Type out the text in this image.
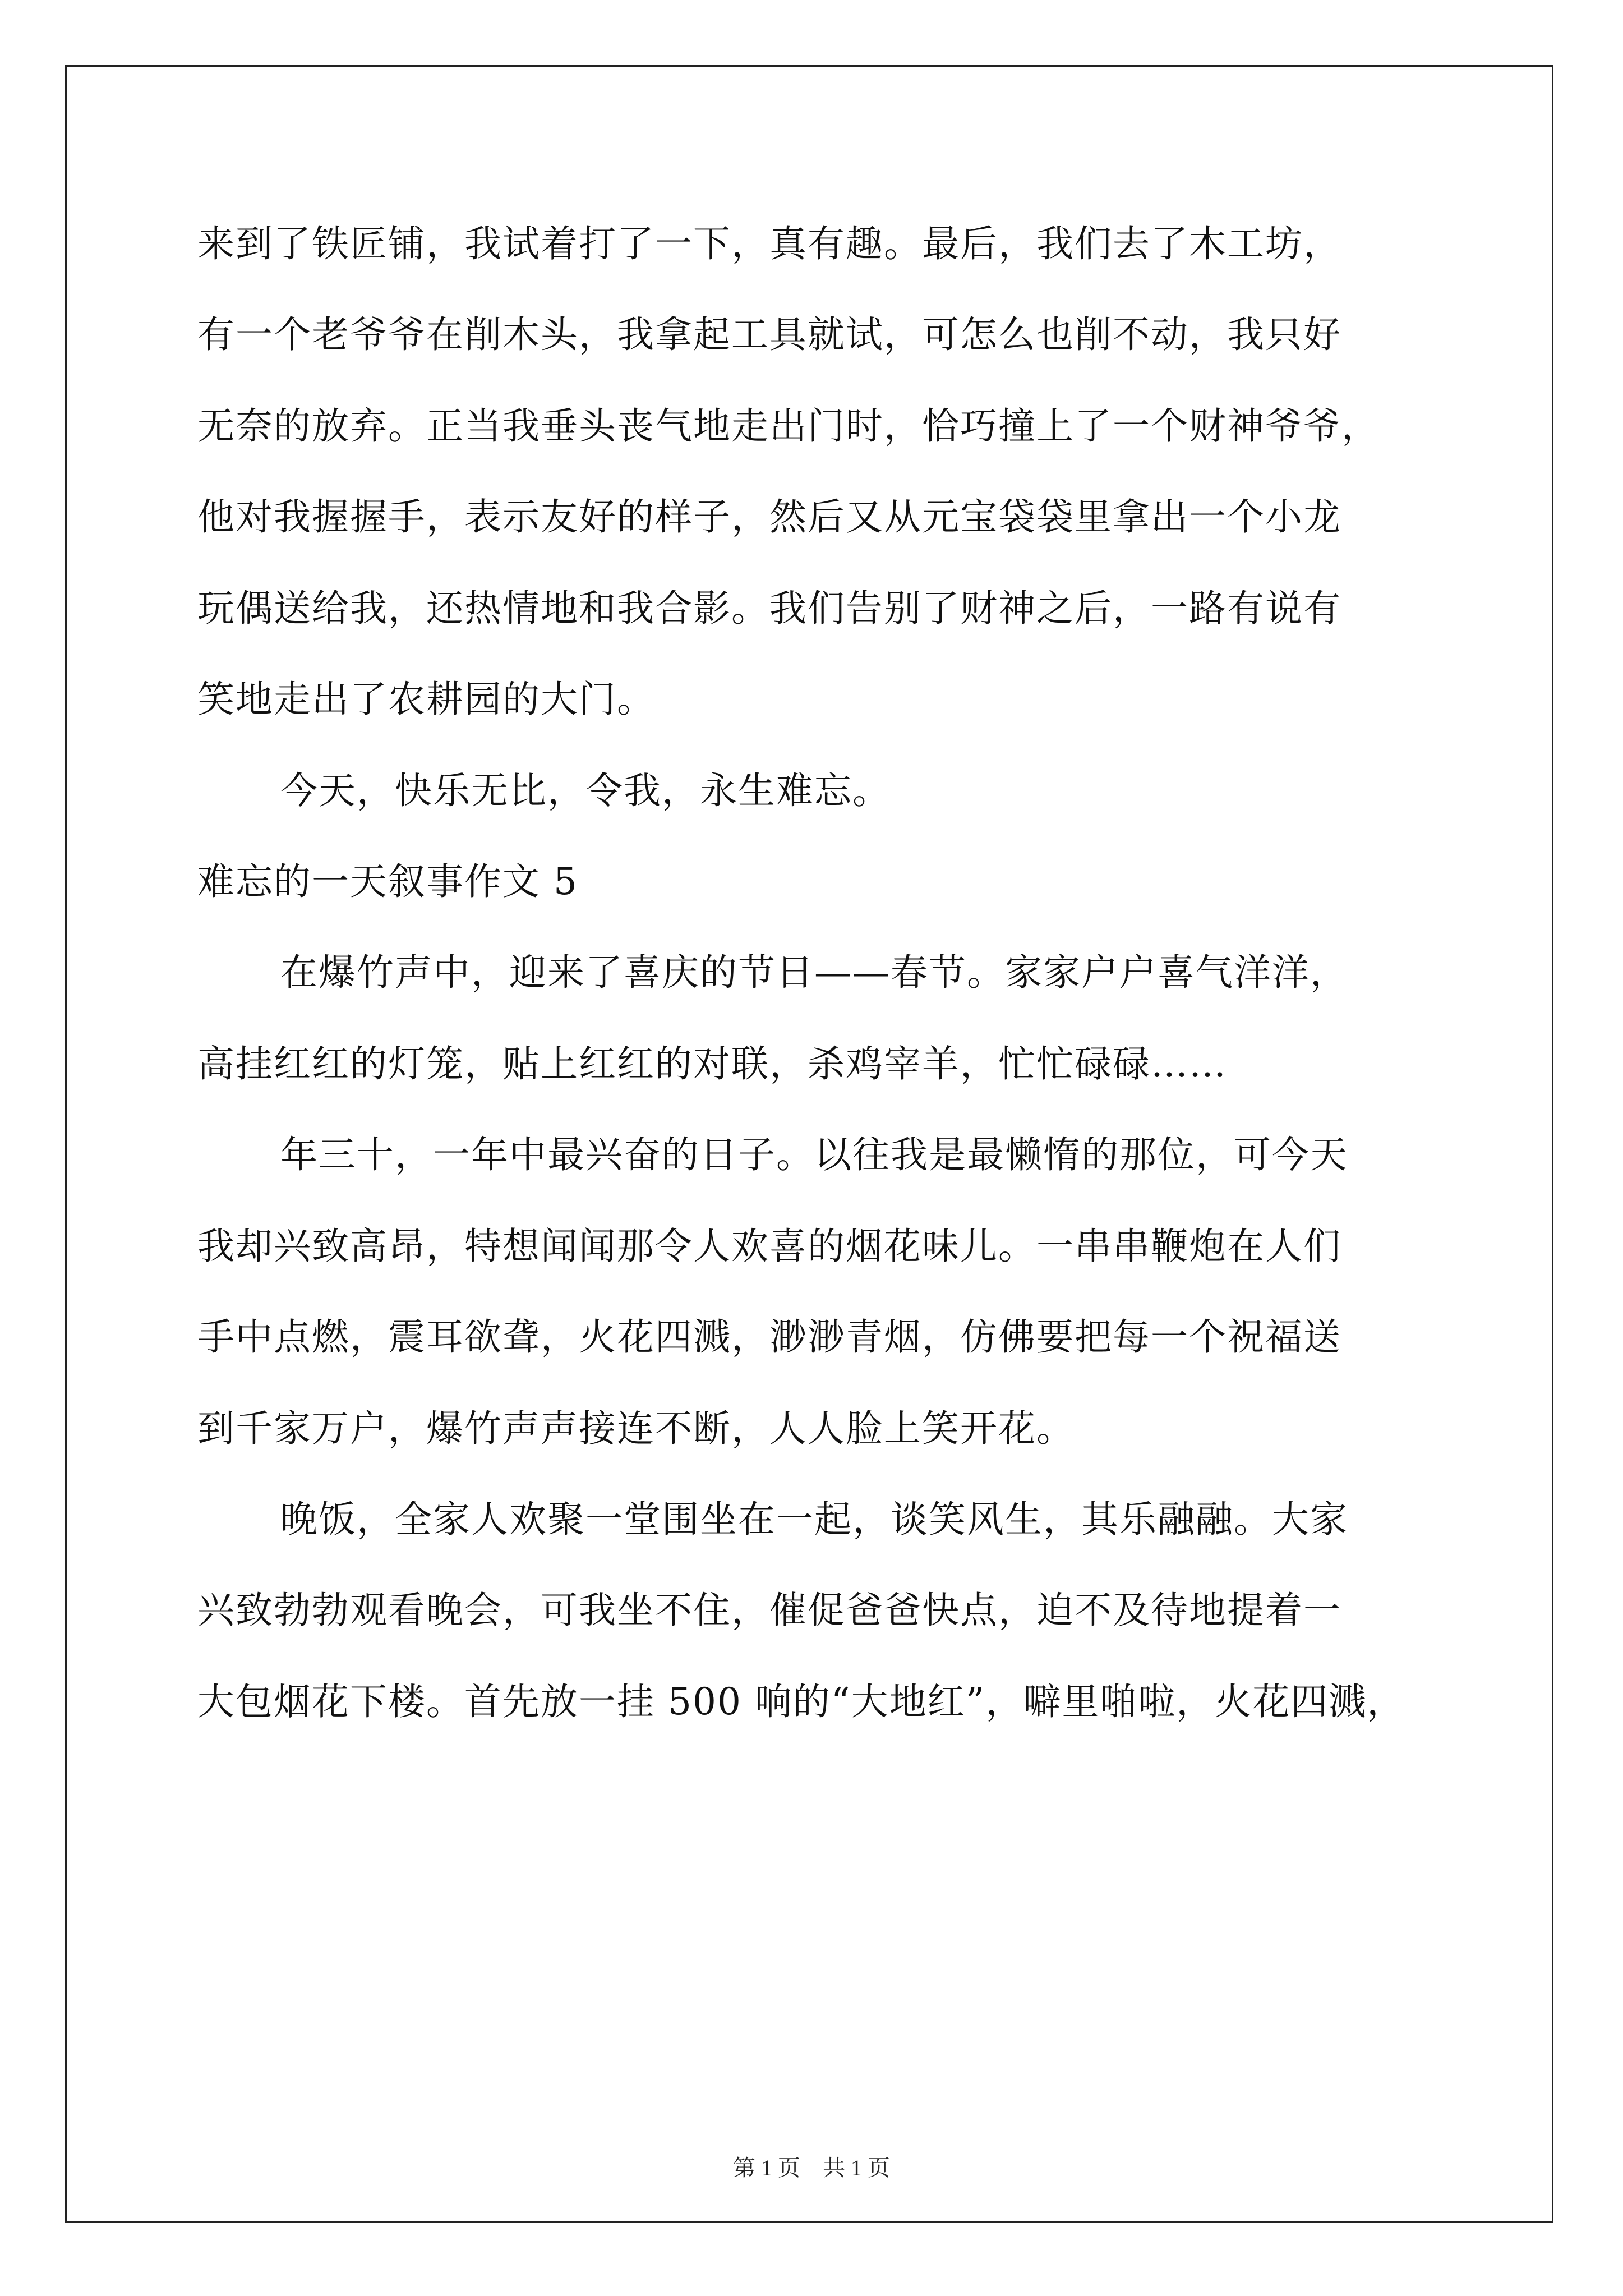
来到了铁匠铺，我试着打了一下，真有趣。最后，我们去了木工坊，
有一个老爷爷在削木头，我拿起工具就试，可怎么也削不动，我只好
无奈的放弃。正当我垂头丧气地走出门时，恰巧撞上了一个财神爷爷，
他对我握握手，表示友好的样子，然后又从元宝袋袋里拿出一个小龙
玩偶送给我，还热情地和我合影。我们告别了财神之后，一路有说有
笑地走出了农耕园的大门。
今天，快乐无比，令我，永生难忘。
难忘的一天叙事作文 5
在爆竹声中，迎来了喜庆的节日——春节。家家户户喜气洋洋，
高挂红红的灯笼，贴上红红的对联，杀鸡宰羊，忙忙碌碌……
年三十，一年中最兴奋的日子。以往我是最懒惰的那位，可今天
我却兴致高昂，特想闻闻那令人欢喜的烟花味儿。一串串鞭炮在人们
手中点燃，震耳欲聋，火花四溅，渺渺青烟，仿佛要把每一个祝福送
到千家万户，爆竹声声接连不断，人人脸上笑开花。
晚饭，全家人欢聚一堂围坐在一起，谈笑风生，其乐融融。大家
兴致勃勃观看晚会，可我坐不住，催促爸爸快点，迫不及待地提着一
大包烟花下楼。首先放一挂 500 响的“大地红”，噼里啪啦，火花四溅，
第 1 页　共 1 页
